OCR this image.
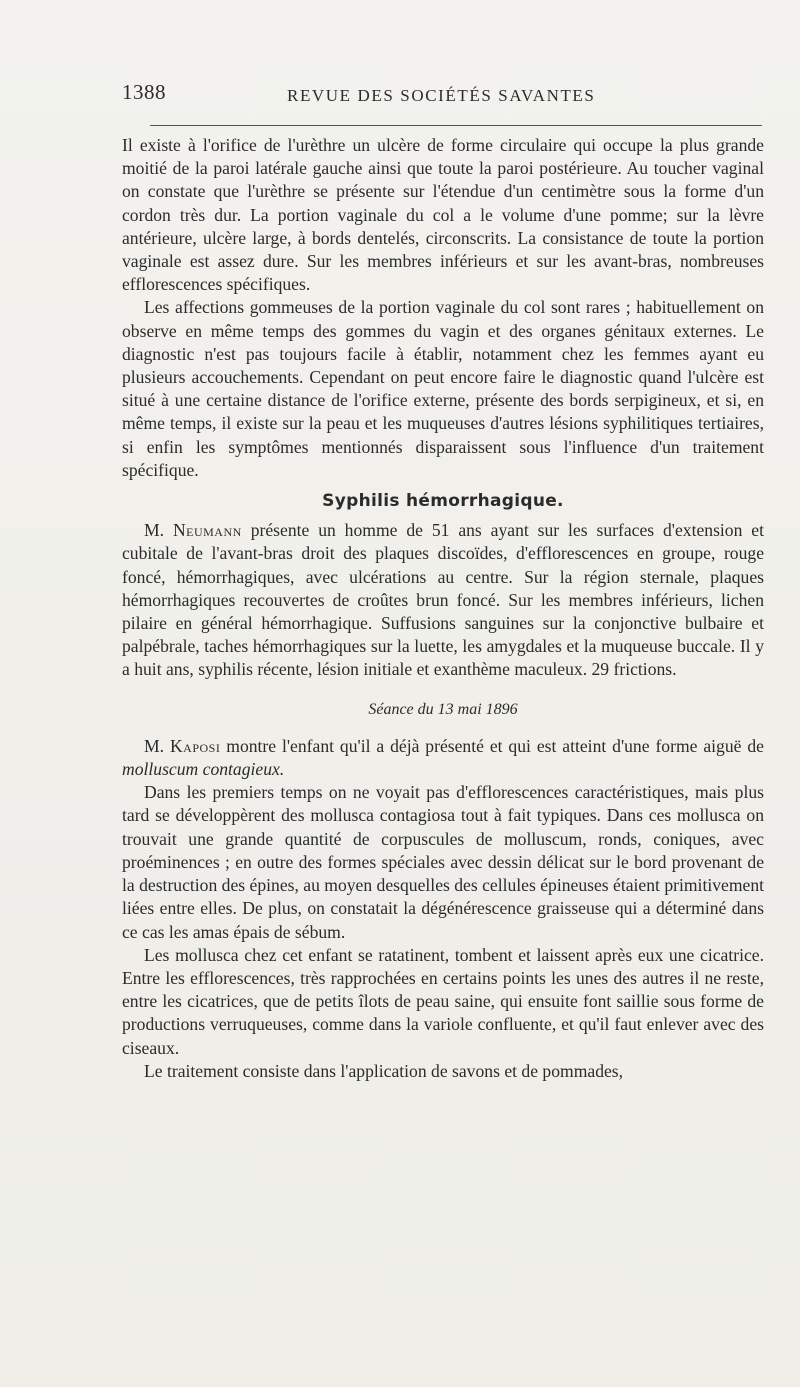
1388	REVUE DES SOCIÉTÉS SAVANTES

Il existe à l'orifice de l'urèthre un ulcère de forme circulaire qui occupe la plus grande moitié de la paroi latérale gauche ainsi que toute la paroi postérieure. Au toucher vaginal on constate que l'urèthre se présente sur l'étendue d'un centimètre sous la forme d'un cordon très dur. La portion vaginale du col a le volume d'une pomme; sur la lèvre antérieure, ulcère large, à bords dentelés, circonscrits. La consistance de toute la portion vaginale est assez dure. Sur les membres inférieurs et sur les avant-bras, nombreuses efflorescences spécifiques.

Les affections gommeuses de la portion vaginale du col sont rares ; habituellement on observe en même temps des gommes du vagin et des organes génitaux externes. Le diagnostic n'est pas toujours facile à établir, notamment chez les femmes ayant eu plusieurs accouchements. Cependant on peut encore faire le diagnostic quand l'ulcère est situé à une certaine distance de l'orifice externe, présente des bords serpigineux, et si, en même temps, il existe sur la peau et les muqueuses d'autres lésions syphilitiques tertiaires, si enfin les symptômes mentionnés disparaissent sous l'influence d'un traitement spécifique.

Syphilis hémorrhagique.

M. Neumann présente un homme de 51 ans ayant sur les surfaces d'extension et cubitale de l'avant-bras droit des plaques discoïdes, d'efflorescences en groupe, rouge foncé, hémorrhagiques, avec ulcérations au centre. Sur la région sternale, plaques hémorrhagiques recouvertes de croûtes brun foncé. Sur les membres inférieurs, lichen pilaire en général hémorrhagique. Suffusions sanguines sur la conjonctive bulbaire et palpébrale, taches hémorrhagiques sur la luette, les amygdales et la muqueuse buccale. Il y a huit ans, syphilis récente, lésion initiale et exanthème maculeux. 29 frictions.

Séance du 13 mai 1896

M. Kaposi montre l'enfant qu'il a déjà présenté et qui est atteint d'une forme aiguë de molluscum contagieux.

Dans les premiers temps on ne voyait pas d'efflorescences caractéristiques, mais plus tard se développèrent des mollusca contagiosa tout à fait typiques. Dans ces mollusca on trouvait une grande quantité de corpuscules de molluscum, ronds, coniques, avec proéminences ; en outre des formes spéciales avec dessin délicat sur le bord provenant de la destruction des épines, au moyen desquelles des cellules épineuses étaient primitivement liées entre elles. De plus, on constatait la dégénérescence graisseuse qui a déterminé dans ce cas les amas épais de sébum.

Les mollusca chez cet enfant se ratatinent, tombent et laissent après eux une cicatrice. Entre les efflorescences, très rapprochées en certains points les unes des autres il ne reste, entre les cicatrices, que de petits îlots de peau saine, qui ensuite font saillie sous forme de productions verruqueuses, comme dans la variole confluente, et qu'il faut enlever avec des ciseaux.

Le traitement consiste dans l'application de savons et de pommades,
